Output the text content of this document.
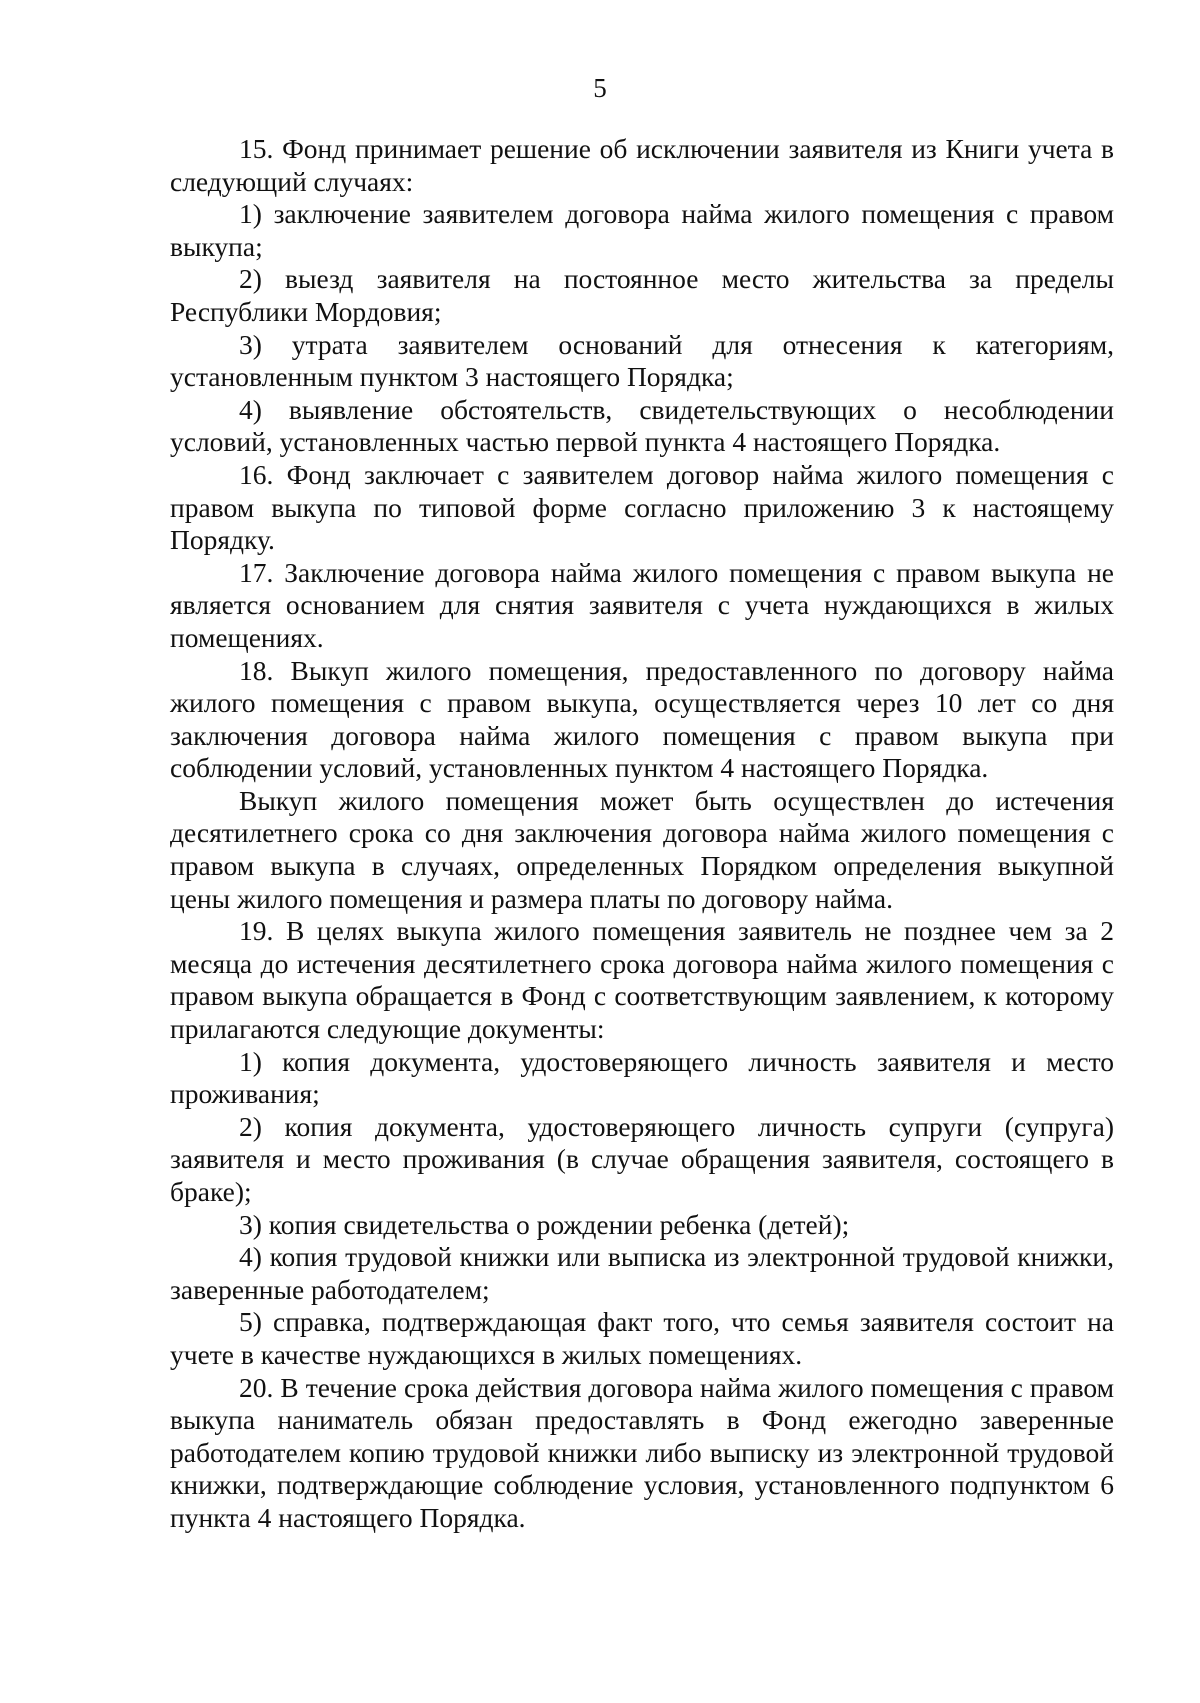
5

15. Фонд принимает решение об исключении заявителя из Книги учета в следующий случаях:

1) заключение заявителем договора найма жилого помещения с правом выкупа;

2) выезд заявителя на постоянное место жительства за пределы Республики Мордовия;

3) утрата заявителем оснований для отнесения к категориям, установленным пунктом 3 настоящего Порядка;

4) выявление обстоятельств, свидетельствующих о несоблюдении условий, установленных частью первой пункта 4 настоящего Порядка.

16. Фонд заключает с заявителем договор найма жилого помещения с правом выкупа по типовой форме согласно приложению 3 к настоящему Порядку.

17. Заключение договора найма жилого помещения с правом выкупа не является основанием для снятия заявителя с учета нуждающихся в жилых помещениях.

18. Выкуп жилого помещения, предоставленного по договору найма жилого помещения с правом выкупа, осуществляется через 10 лет со дня заключения договора найма жилого помещения с правом выкупа при соблюдении условий, установленных пунктом 4 настоящего Порядка.

Выкуп жилого помещения может быть осуществлен до истечения десятилетнего срока со дня заключения договора найма жилого помещения с правом выкупа в случаях, определенных Порядком определения выкупной цены жилого помещения и размера платы по договору найма.

19. В целях выкупа жилого помещения заявитель не позднее чем за 2 месяца до истечения десятилетнего срока договора найма жилого помещения с правом выкупа обращается в Фонд с соответствующим заявлением, к которому прилагаются следующие документы:

1) копия документа, удостоверяющего личность заявителя и место проживания;

2) копия документа, удостоверяющего личность супруги (супруга) заявителя и место проживания (в случае обращения заявителя, состоящего в браке);

3) копия свидетельства о рождении ребенка (детей);

4) копия трудовой книжки или выписка из электронной трудовой книжки, заверенные работодателем;

5) справка, подтверждающая факт того, что семья заявителя состоит на учете в качестве нуждающихся в жилых помещениях.

20. В течение срока действия договора найма жилого помещения с правом выкупа наниматель обязан предоставлять в Фонд ежегодно заверенные работодателем копию трудовой книжки либо выписку из электронной трудовой книжки, подтверждающие соблюдение условия, установленного подпунктом 6 пункта 4 настоящего Порядка.
